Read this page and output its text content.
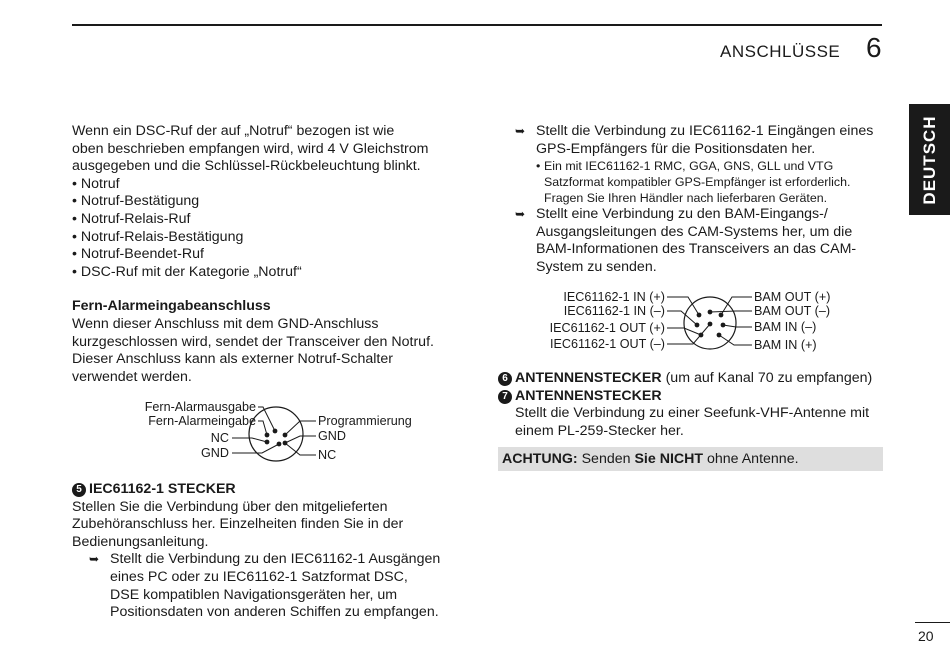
ANSCHLÜSSE 6
DEUTSCH

Wenn ein DSC-Ruf der auf „Notruf“ bezogen ist wie

oben beschrieben empfangen wird, wird 4 V Gleichstrom

ausgegeben und die Schlüssel-Rückbeleuchtung blinkt.

• Notruf

• Notruf-Bestätigung

• Notruf-Relais-Ruf

• Notruf-Relais-Bestätigung

• Notruf-Beendet-Ruf

• DSC-Ruf mit der Kategorie „Notruf“

Fern-Alarmeingabeanschluss

Wenn dieser Anschluss mit dem GND-Anschluss

kurzgeschlossen wird, sendet der Transceiver den Notruf.

Dieser Anschluss kann als externer Notruf-Schalter

verwendet werden.

Fern-Alarmausgabe
Fern-Alarmeingabe
NC
GND
Programmierung
GND
NC

5 IEC61162-1 STECKER

Stellen Sie die Verbindung über den mitgelieferten

Zubehöranschluss her. Einzelheiten finden Sie in der

Bedienungsanleitung.

➥ Stellt die Verbindung zu den IEC61162-1 Ausgängen

eines PC oder zu IEC61162-1 Satzformat DSC,

DSE kompatiblen Navigationsgeräten her, um

Positionsdaten von anderen Schiffen zu empfangen.

➥ Stellt die Verbindung zu IEC61162-1 Eingängen eines

GPS-Empfängers für die Positionsdaten her.

• Ein mit IEC61162-1 RMC, GGA, GNS, GLL und VTG
Satzformat kompatibler GPS-Empfänger ist erforderlich.
Fragen Sie Ihren Händler nach lieferbaren Geräten.
➥ Stellt eine Verbindung zu den BAM-Eingangs-/

Ausgangsleitungen des CAM-Systems her, um die

BAM-Informationen des Transceivers an das CAM-

System zu senden.

IEC61162-1 IN (+)
IEC61162-1 IN (–)
IEC61162-1 OUT (+)
IEC61162-1 OUT (–)
BAM OUT (+)
BAM OUT (–)
BAM IN (–)
BAM IN (+)

6 ANTENNENSTECKER (um auf Kanal 70 zu empfangen)

7 ANTENNENSTECKER

Stellt die Verbindung zu einer Seefunk-VHF-Antenne mit

einem PL-259-Stecker her.

ACHTUNG: Senden Sie NICHT ohne Antenne.
20
